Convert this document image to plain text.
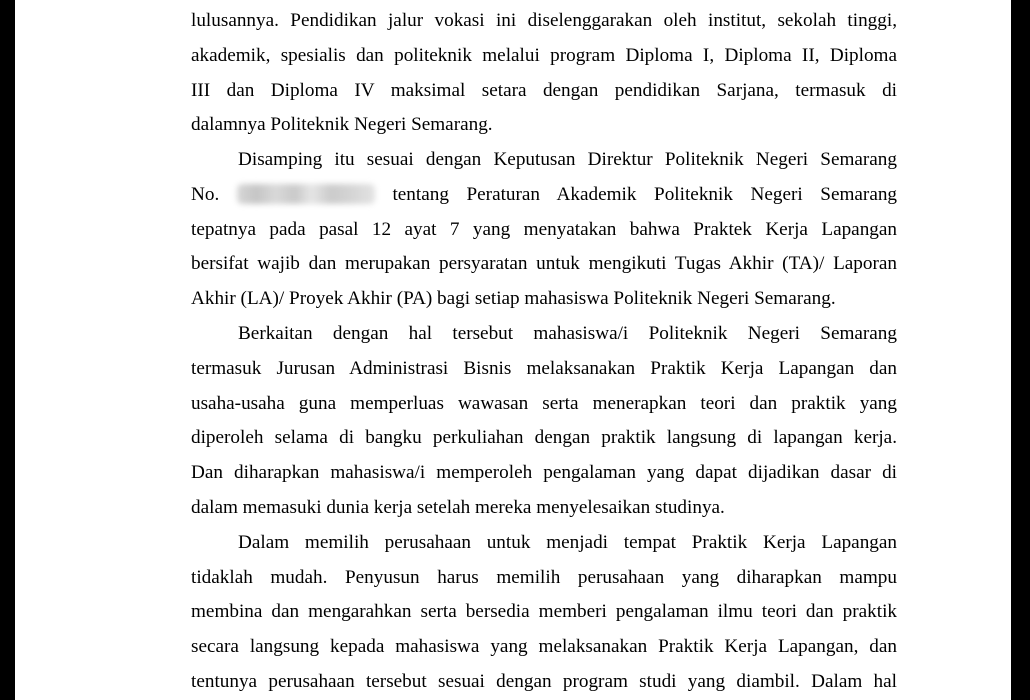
lulusannya. Pendidikan jalur vokasi ini diselenggarakan oleh institut, sekolah tinggi,
akademik, spesialis dan politeknik melalui program Diploma I, Diploma II, Diploma
III dan Diploma IV maksimal setara dengan pendidikan Sarjana, termasuk di
dalamnya Politeknik Negeri Semarang.
Disamping itu sesuai dengan Keputusan Direktur Politeknik Negeri Semarang
No.	tentang Peraturan Akademik Politeknik Negeri Semarang
tepatnya pada pasal 12 ayat 7 yang menyatakan bahwa Praktek Kerja Lapangan
bersifat wajib dan merupakan persyaratan untuk mengikuti Tugas Akhir (TA)/ Laporan
Akhir (LA)/ Proyek Akhir (PA) bagi setiap mahasiswa Politeknik Negeri Semarang.
Berkaitan dengan hal tersebut mahasiswa/i Politeknik Negeri Semarang
termasuk Jurusan Administrasi Bisnis melaksanakan Praktik Kerja Lapangan dan
usaha-usaha guna memperluas wawasan serta menerapkan teori dan praktik yang
diperoleh selama di bangku perkuliahan dengan praktik langsung di lapangan kerja.
Dan diharapkan mahasiswa/i memperoleh pengalaman yang dapat dijadikan dasar di
dalam memasuki dunia kerja setelah mereka menyelesaikan studinya.
Dalam memilih perusahaan untuk menjadi tempat Praktik Kerja Lapangan
tidaklah mudah. Penyusun harus memilih perusahaan yang diharapkan mampu
membina dan mengarahkan serta bersedia memberi pengalaman ilmu teori dan praktik
secara langsung kepada mahasiswa yang melaksanakan Praktik Kerja Lapangan, dan
tentunya perusahaan tersebut sesuai dengan program studi yang diambil. Dalam hal
